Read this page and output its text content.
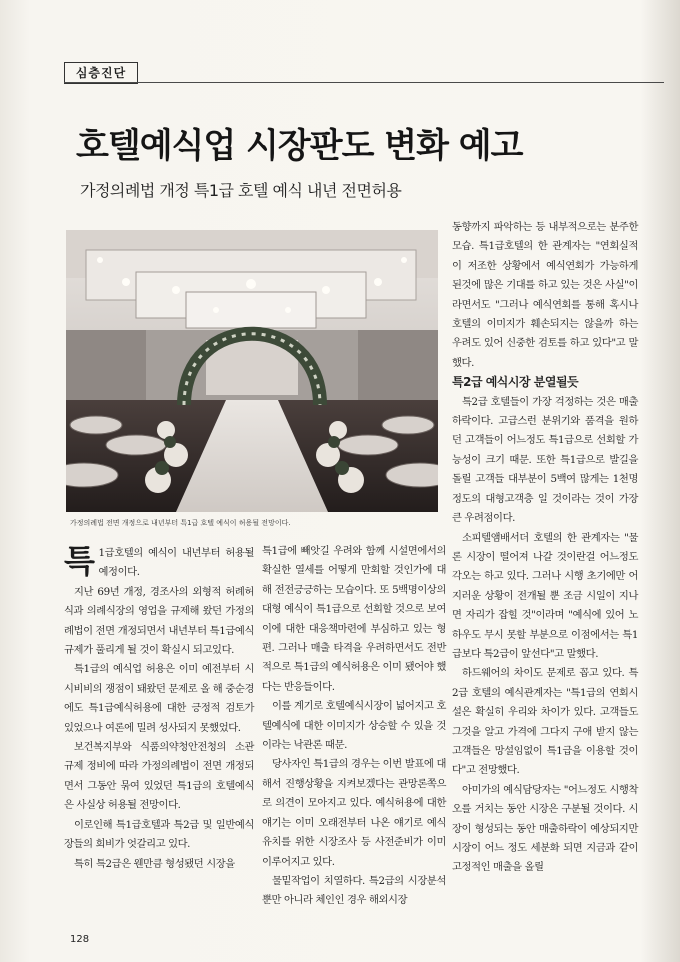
심층진단
호텔예식업 시장판도 변화 예고
가정의례법 개정 특1급 호텔 예식 내년 전면허용
가정의례법 전면 개정으로 내년부터 특1급 호텔 예식이 허용될 전망이다.

특 1급호텔의 예식이 내년부터 허용될 예정이다.

지난 69년 개정, 경조사의 외형적 허례허식과 의례식장의 영업을 규제해 왔던 가정의례법이 전면 개정되면서 내년부터 특1급예식규제가 풀리게 될 것이 확실시 되고있다.

특1급의 예식업 허용은 이미 예전부터 시시비비의 쟁점이 돼왔던 문제로 올 해 중순경에도 특1급예식허용에 대한 긍정적 검토가 있었으나 여론에 밀려 성사되지 못했었다.

보건복지부와 식품의약청안전청의 소관 규제 정비에 따라 가정의례법이 전면 개정되면서 그동안 묶여 있었던 특1급의 호텔예식은 사실상 허용될 전망이다.

이로인해 특1급호텔과 특2급 및 일반예식장들의 희비가 엇갈리고 있다.

특히 특2급은 웬만큼 형성됐던 시장을

특1급에 빼앗길 우려와 함께 시설면에서의 확실한 열세를 어떻게 만회할 것인가에 대해 전전긍긍하는 모습이다. 또 5백명이상의 대형 예식이 특1급으로 선회할 것으로 보여 이에 대한 대응책마련에 부심하고 있는 형편. 그러나 매출 타격을 우려하면서도 전반적으로 특1급의 예식허용은 이미 됐어야 했다는 반응들이다.

이를 계기로 호텔예식시장이 넓어지고 호텔예식에 대한 이미지가 상승할 수 있을 것이라는 낙관론 때문.

당사자인 특1급의 경우는 이번 발표에 대해서 진행상황을 지켜보겠다는 관망론쪽으로 의견이 모아지고 있다. 예식허용에 대한 얘기는 이미 오래전부터 나온 얘기로 예식 유치를 위한 시장조사 등 사전준비가 이미 이루어지고 있다.

물밑작업이 치열하다. 특2급의 시장분석 뿐만 아니라 체인인 경우 해외시장

동향까지 파악하는 등 내부적으로는 분주한 모습. 특1급호텔의 한 관계자는 "연회실적이 저조한 상황에서 예식연회가 가능하게 된것에 많은 기대를 하고 있는 것은 사실"이라면서도 "그러나 예식연회를 통해 혹시나 호텔의 이미지가 훼손되지는 않을까 하는 우려도 있어 신중한 검토를 하고 있다"고 말했다.

특2급 예식시장 분열될듯

특2급 호텔들이 가장 걱정하는 것은 매출하락이다. 고급스런 분위기와 품격을 원하던 고객들이 어느정도 특1급으로 선회할 가능성이 크기 때문. 또한 특1급으로 발길을 돌릴 고객들 대부분이 5백여 많게는 1천명정도의 대형고객층 일 것이라는 것이 가장 큰 우려점이다.

소피텔앰배서더 호텔의 한 관계자는 "물론 시장이 떨어져 나갈 것이란걸 어느정도 각오는 하고 있다. 그러나 시행 초기에만 어지러운 상황이 전개될 뿐 조금 시일이 지나면 자리가 잡힐 것"이라며 "예식에 있어 노하우도 무시 못할 부분으로 이점에서는 특1급보다 특2급이 앞선다"고 말했다.

하드웨어의 차이도 문제로 꼽고 있다. 특2급 호텔의 예식관계자는 "특1급의 연회시설은 확실히 우리와 차이가 있다. 고객들도 그것을 알고 가격에 그다지 구애 받지 않는 고객들은 망설임없이 특1급을 이용할 것이다"고 전망했다.

아미가의 예식담당자는 "어느정도 시행착오를 거치는 동안 시장은 구분될 것이다. 시장이 형성되는 동안 매출하락이 예상되지만 시장이 어느 정도 세분화 되면 지금과 같이 고정적인 매출을 올릴

128
